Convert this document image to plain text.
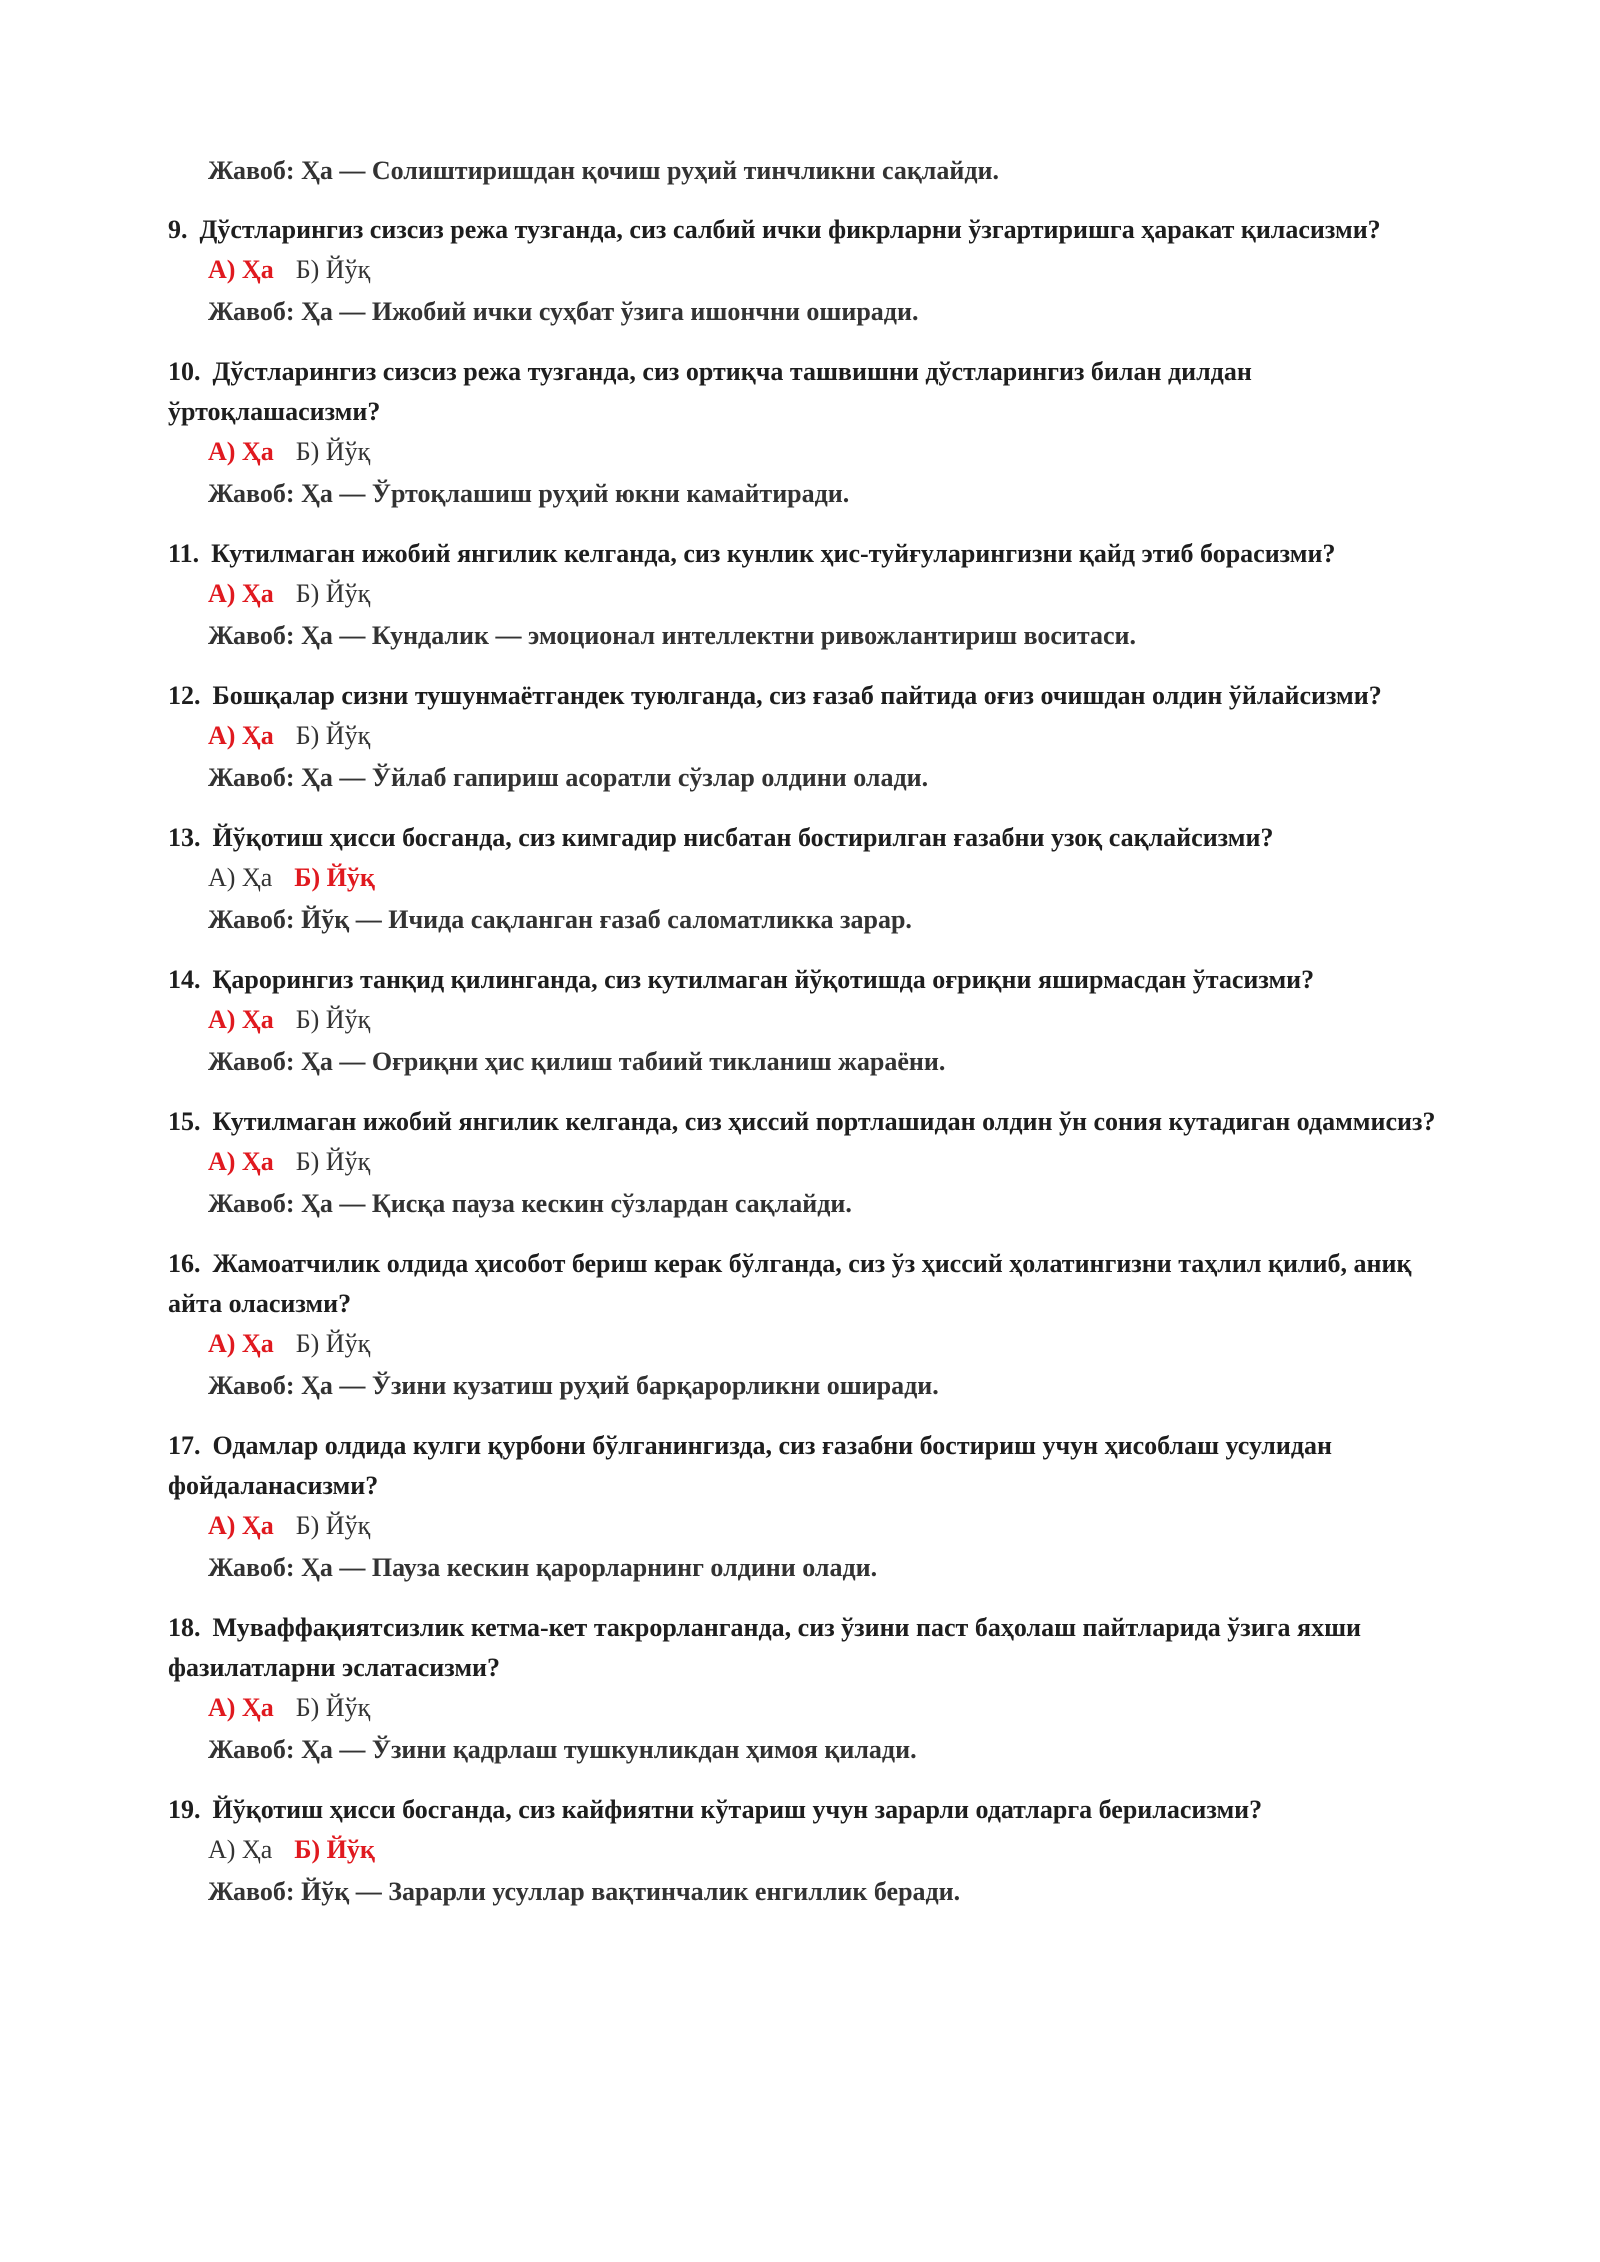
Жавоб: Ҳа — Солиштиришдан қочиш руҳий тинчликни сақлайди.
9. Дўстларингиз сизсиз режа тузганда, сиз салбий ички фикрларни ўзгартиришга ҳаракат қиласизми?
А) Ҳа Б) Йўқ
Жавоб: Ҳа — Ижобий ички суҳбат ўзига ишончни оширади.
10. Дўстларингиз сизсиз режа тузганда, сиз ортиқча ташвишни дўстларингиз билан дилдан ўртоқлашасизми?
А) Ҳа Б) Йўқ
Жавоб: Ҳа — Ўртоқлашиш руҳий юкни камайтиради.
11. Кутилмаган ижобий янгилик келганда, сиз кунлик ҳис-туйғуларингизни қайд этиб борасизми?
А) Ҳа Б) Йўқ
Жавоб: Ҳа — Кундалик — эмоционал интеллектни ривожлантириш воситаси.
12. Бошқалар сизни тушунмаётгандек туюлганда, сиз ғазаб пайтида оғиз очишдан олдин ўйлайсизми?
А) Ҳа Б) Йўқ
Жавоб: Ҳа — Ўйлаб гапириш асоратли сўзлар олдини олади.
13. Йўқотиш ҳисси босганда, сиз кимгадир нисбатан бостирилган ғазабни узоқ сақлайсизми?
А) Ҳа Б) Йўқ
Жавоб: Йўқ — Ичида сақланган ғазаб саломатликка зарар.
14. Қарорингиз танқид қилинганда, сиз кутилмаган йўқотишда оғриқни яширмасдан ўтасизми?
А) Ҳа Б) Йўқ
Жавоб: Ҳа — Оғриқни ҳис қилиш табиий тикланиш жараёни.
15. Кутилмаган ижобий янгилик келганда, сиз ҳиссий портлашидан олдин ўн сония кутадиган одаммисиз?
А) Ҳа Б) Йўқ
Жавоб: Ҳа — Қисқа пауза кескин сўзлардан сақлайди.
16. Жамоатчилик олдида ҳисобот бериш керак бўлганда, сиз ўз ҳиссий ҳолатингизни таҳлил қилиб, аниқ айта оласизми?
А) Ҳа Б) Йўқ
Жавоб: Ҳа — Ўзини кузатиш руҳий барқарорликни оширади.
17. Одамлар олдида кулги қурбони бўлганингизда, сиз ғазабни бостириш учун ҳисоблаш усулидан фойдаланасизми?
А) Ҳа Б) Йўқ
Жавоб: Ҳа — Пауза кескин қарорларнинг олдини олади.
18. Муваффақиятсизлик кетма-кет такрорланганда, сиз ўзини паст баҳолаш пайтларида ўзига яхши фазилатларни эслатасизми?
А) Ҳа Б) Йўқ
Жавоб: Ҳа — Ўзини қадрлаш тушкунликдан ҳимоя қилади.
19. Йўқотиш ҳисси босганда, сиз кайфиятни кўтариш учун зарарли одатларга бериласизми?
А) Ҳа Б) Йўқ
Жавоб: Йўқ — Зарарли усуллар вақтинчалик енгиллик беради.
